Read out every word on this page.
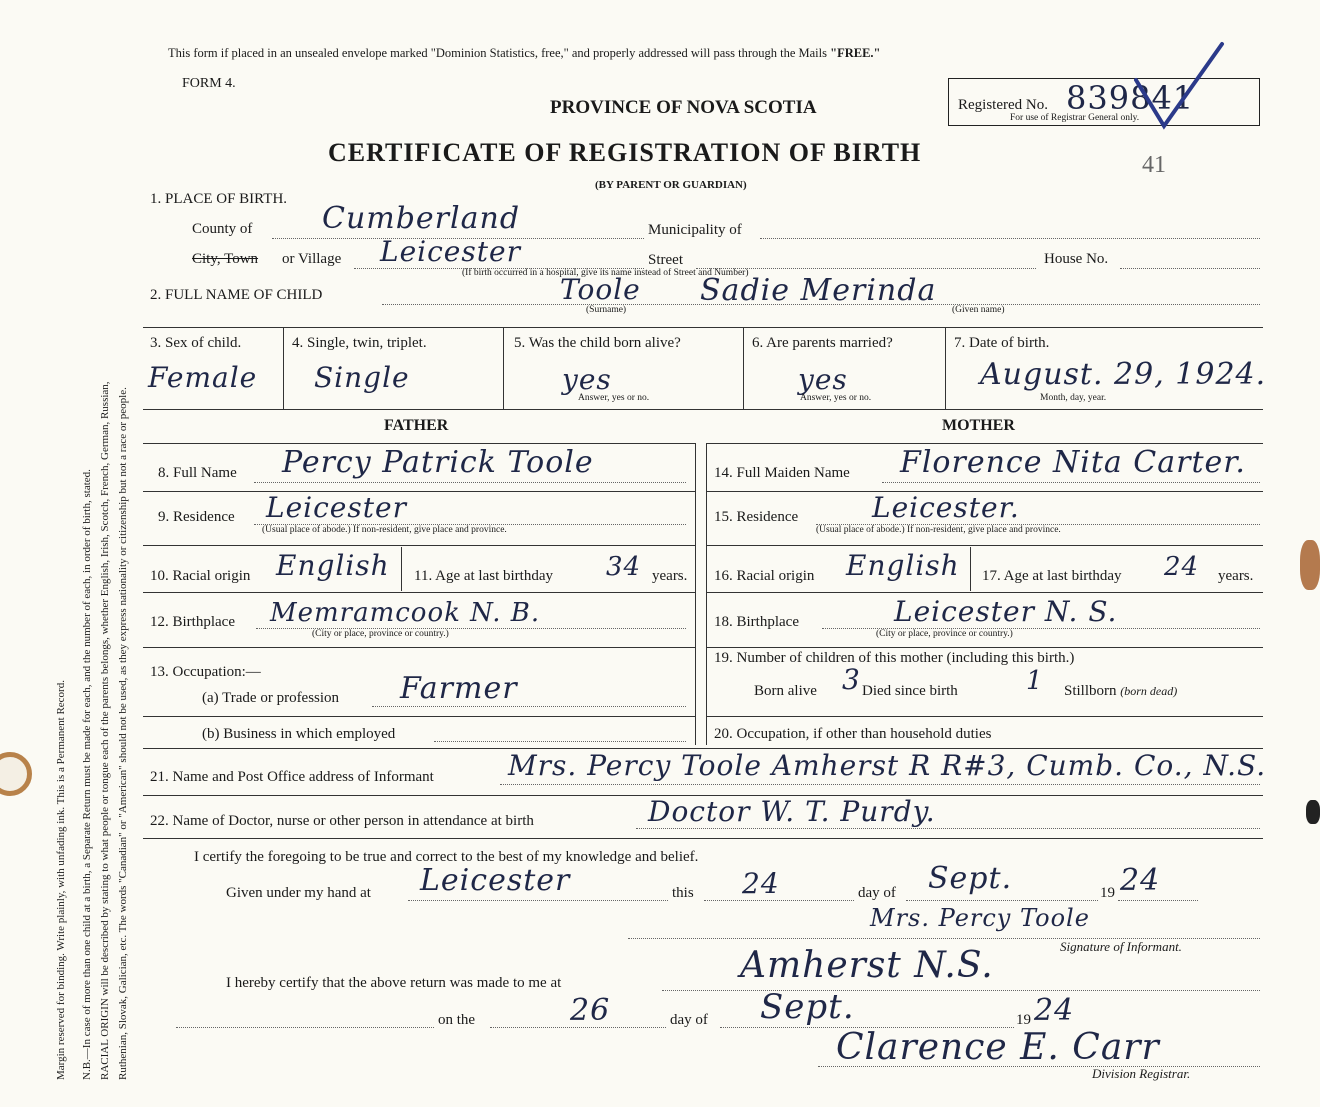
Margin reserved for binding. Write plainly, with unfading ink. This is a Permanent Record. N.B.—In case of more than one child at a birth, a Separate Return must be made for each, and the number of each, in order of birth, stated. RACIAL ORIGIN will be described by stating to what people or tongue each of the parents belongs, whether English, Irish, Scotch, French, German, Russian, Ruthenian, Slovak, Galician, etc. The words "Canadian" or "American" should not be used, as they express nationality or citizenship but not a race or people.
This form if placed in an unsealed envelope marked "Dominion Statistics, free," and properly addressed will pass through the Mails "FREE."
FORM 4.
PROVINCE OF NOVA SCOTIA	Registered No. 839841
For use of Registrar General only.
CERTIFICATE OF REGISTRATION OF BIRTH	41
(BY PARENT OR GUARDIAN)
1. PLACE OF BIRTH.
County of Cumberland	Municipality of
City, Town or Village Leicester	Street	House No.
(If birth occurred in a hospital, give its name instead of Street and Number)
2. FULL NAME OF CHILD	Toole Sadie Merinda
(Surname)	(Given name)
3. Sex of child.
Female
4. Single, twin, triplet.
Single
5. Was the child born alive?
yes
Answer, yes or no.
6. Are parents married?
yes
Answer, yes or no.
7. Date of birth.
August. 29, 1924.
Month, day, year.
FATHER	MOTHER
8. Full Name Percy Patrick Toole
9. Residence Leicester
(Usual place of abode.) If non-resident, give place and province.
10. Racial origin English 11. Age at last birthday 34 years.
12. Birthplace Memramcook N. B.
(City or place, province or country.)
13. Occupation:—
(a) Trade or profession Farmer
(b) Business in which employed
14. Full Maiden Name Florence Nita Carter.
15. Residence	Leicester.
(Usual place of abode.) If non-resident, give place and province.
16. Racial origin English 17. Age at last birthday 24 years.
18. Birthplace	Leicester N. S.
(City or place, province or country.)
19. Number of children of this mother (including this birth.)
Born alive 3 Died since birth	1 Stillborn (born dead)
20. Occupation, if other than household duties
21. Name and Post Office address of Informant	Mrs. Percy Toole Amherst R R#3, Cumb. Co., N.S.
22. Name of Doctor, nurse or other person in attendance at birth	Doctor W. T. Purdy.
I certify the foregoing to be true and correct to the best of my knowledge and belief.
Given under my hand at Leicester	this 24	day of Sept.	19 24
Mrs. Percy Toole
Signature of Informant.
I hereby certify that the above return was made to me at	Amherst N.S.
on the	26	day of Sept.	19 24
Clarence E. Carr
Division Registrar.
